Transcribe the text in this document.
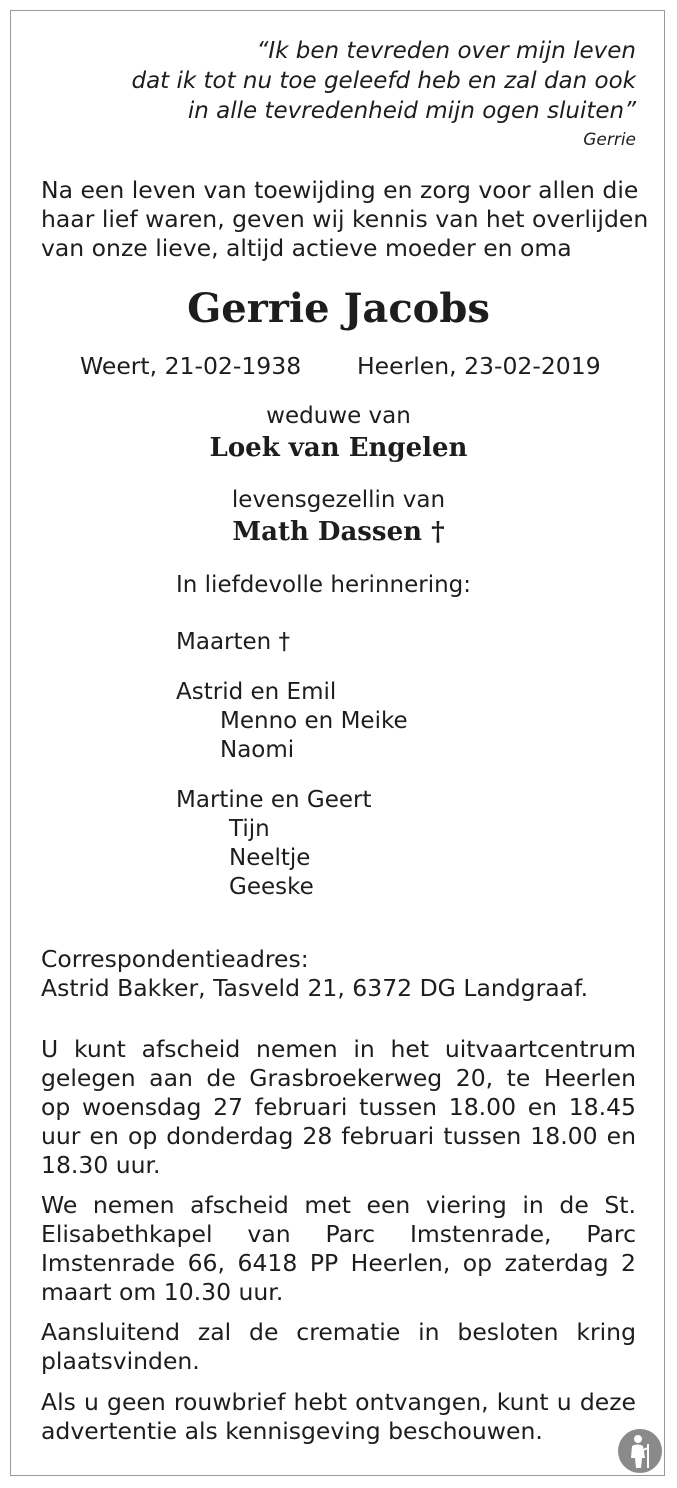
“Ik ben tevreden over mijn leven
dat ik tot nu toe geleefd heb en zal dan ook
in alle tevredenheid mijn ogen sluiten”
Gerrie
Na een leven van toewijding en zorg voor allen die
haar lief waren, geven wij kennis van het overlijden
van onze lieve, altijd actieve moeder en oma
Gerrie Jacobs
Weert, 21-02-1938 Heerlen, 23-02-2019
weduwe van
Loek van Engelen
levensgezellin van
Math Dassen †
In liefdevolle herinnering:
Maarten †
Astrid en Emil
Menno en Meike
Naomi
Martine en Geert
Tijn
Neeltje
Geeske
Correspondentieadres:
Astrid Bakker, Tasveld 21, 6372 DG Landgraaf.
U kunt afscheid nemen in het uitvaartcentrum gelegen aan de Grasbroekerweg 20, te Heerlen op woensdag 27 februari tussen 18.00 en 18.45 uur en op donderdag 28 februari tussen 18.00 en 18.30 uur.
We nemen afscheid met een viering in de St. Elisabethkapel van Parc Imstenrade, Parc Imstenrade 66, 6418 PP Heerlen, op zaterdag 2 maart om 10.30 uur.
Aansluitend zal de crematie in besloten kring plaatsvinden.
Als u geen rouwbrief hebt ontvangen, kunt u deze advertentie als kennisgeving beschouwen.
